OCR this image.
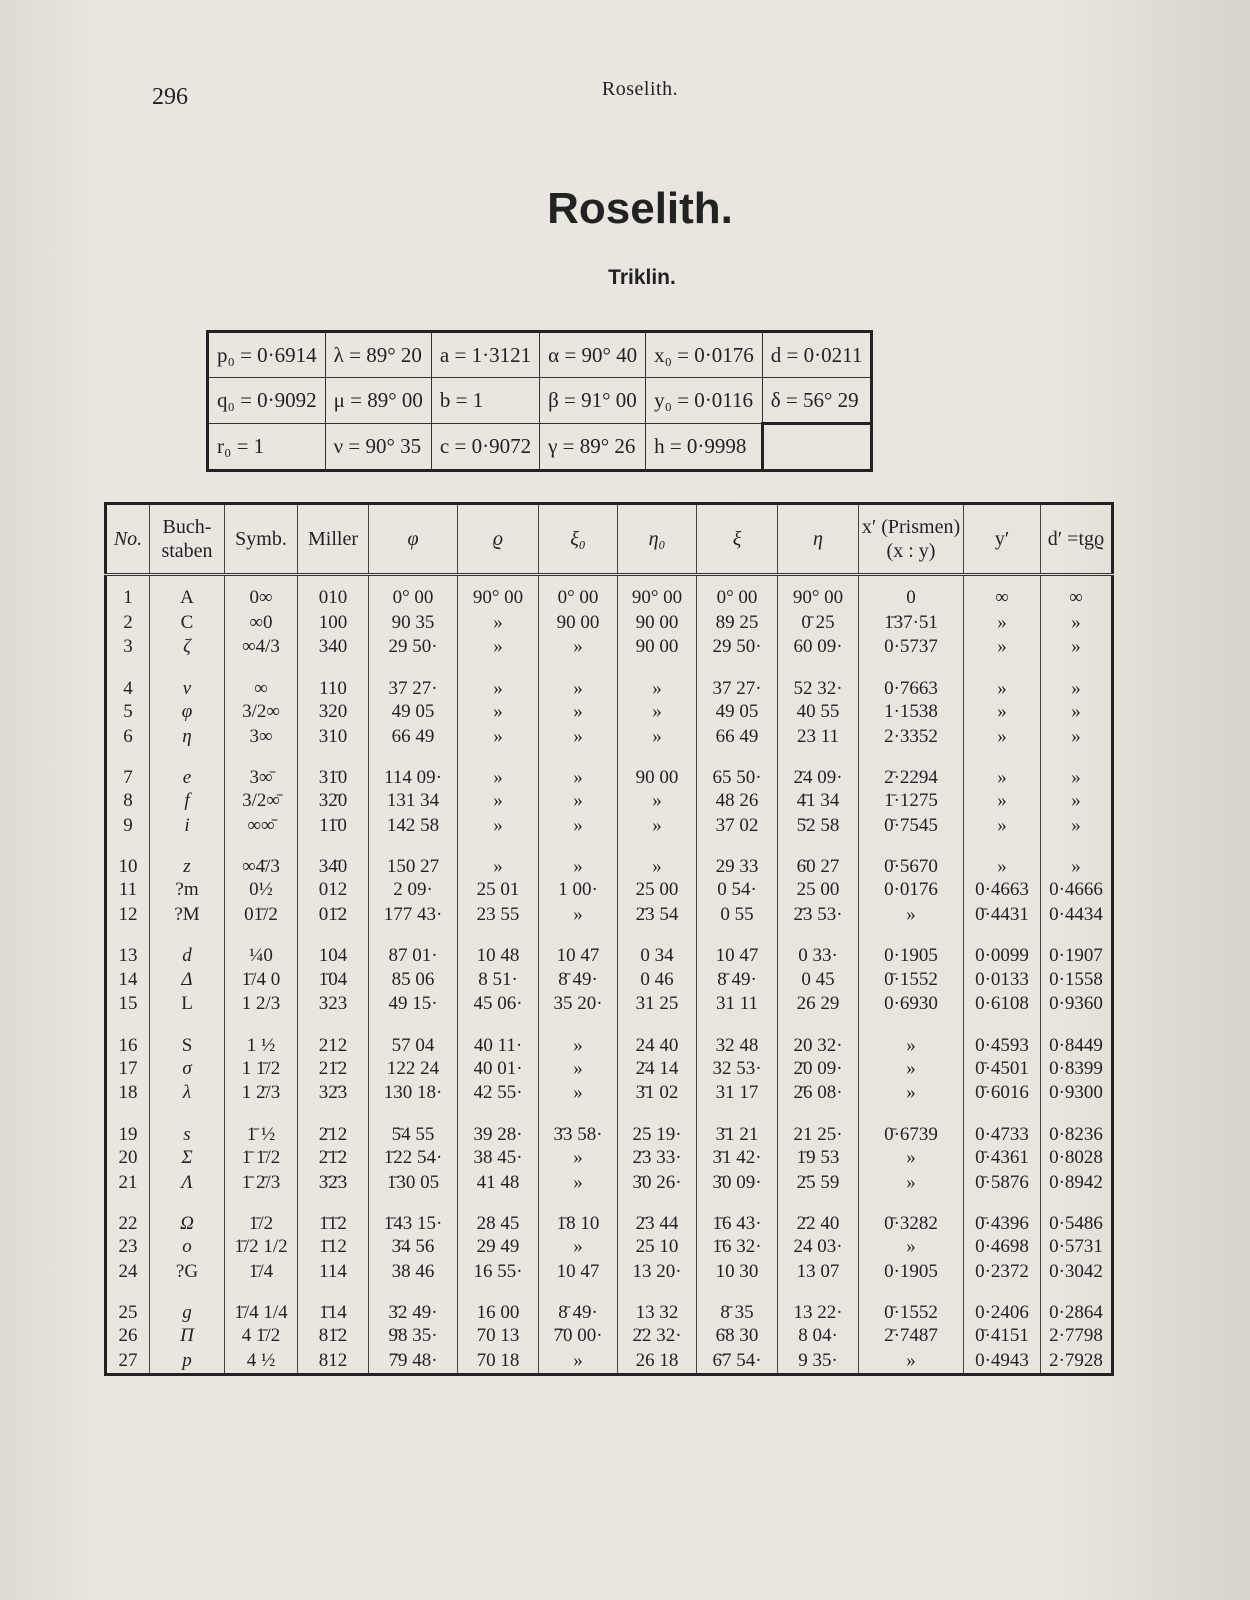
296	Roselith.
Roselith.
Triklin.
p₀ = 0·6914	λ = 89° 20	a = 1·3121	α = 90° 40	x₀ = 0·0176	d = 0·0211
q₀ = 0·9092	μ = 89° 00	b = 1	β = 91° 00	y₀ = 0·0116	δ = 56° 29
r₀ = 1	ν = 90° 35	c = 0·9072	γ = 89° 26	h = 0·9998	
No.	Buch-staben	Symb.	Miller	φ	ϱ	ξ₀	η₀	ξ	η	x′ (Prismen) (x : y)	y′	d′ =tgϱ
1	A	0∞	010	0° 00	90° 00	0° 00	90° 00	0° 00	90° 00	0	∞	∞
2	C	∞0	100	90 35	»	90 00	90 00	89 25	0̄ 25	1̄37·51	»	»
3	ζ	∞4/3	340	29 50·	»	»	90 00	29 50·	60 09·	0·5737	»	»
4	v	∞	110	37 27·	»	»	»	37 27·	52 32·	0·7663	»	»
5	φ	3/2∞	320	49 05	»	»	»	49 05	40 55	1·1538	»	»
6	η	3∞	310	66 49	»	»	»	66 49	23 11	2·3352	»	»
7	e	3∞̄	31̄0	114 09·	»	»	90 00	65 50·	2̄4 09·	2̄·2294	»	»
8	f	3/2∞̄	32̄0	131 34	»	»	»	48 26	4̄1 34	1̄·1275	»	»
9	i	∞∞̄	11̄0	142 58	»	»	»	37 02	5̄2 58	0̄·7545	»	»
10	z	∞4̄/3	34̄0	150 27	»	»	»	29 33	6̄0 27	0̄·5670	»	»
11	?m	0½	012	2 09·	25 01	1 00·	25 00	0 54·	25 00	0·0176	0·4663	0·4666
12	?M	01̄/2	01̄2	177 43·	23 55	»	2̄3 54	0 55	2̄3 53·	»	0̄·4431	0·4434
13	d	¼0	104	87 01·	10 48	10 47	0 34	10 47	0 33·	0·1905	0·0099	0·1907
14	Δ	1̄/4 0	1̄04	85 06	8 51·	8̄ 49·	0 46	8̄ 49·	0 45	0̄·1552	0·0133	0·1558
15	L	1 2/3	323	49 15·	45 06·	35 20·	31 25	31 11	26 29	0·6930	0·6108	0·9360
16	S	1 ½	212	57 04	40 11·	»	24 40	32 48	20 32·	»	0·4593	0·8449
17	σ	1 1̄/2	21̄2	122 24	40 01·	»	2̄4 14	32 53·	2̄0 09·	»	0̄·4501	0·8399
18	λ	1 2̄/3	32̄3	130 18·	42 55·	»	3̄1 02	31 17	2̄6 08·	»	0̄·6016	0·9300
19	s	1̄ ½	2̄12	5̄4 55	39 28·	3̄3 58·	25 19·	3̄1 21	21 25·	0̄·6739	0·4733	0·8236
20	Σ	1̄ 1̄/2	2̄1̄2	1̄22 54·	38 45·	»	2̄3 33·	3̄1 42·	1̄9 53	»	0̄·4361	0·8028
21	Λ	1̄ 2̄/3	3̄2̄3	1̄30 05	41 48	»	3̄0 26·	3̄0 09·	2̄5 59	»	0̄·5876	0·8942
22	Ω	1̄/2	1̄1̄2	1̄43 15·	28 45	1̄8 10	2̄3 44	1̄6 43·	2̄2 40	0̄·3282	0̄·4396	0·5486
23	o	1̄/2 1/2	1̄12	3̄4 56	29 49	»	25 10	1̄6 32·	24 03·	»	0·4698	0·5731
24	?G	1̄/4	114	38 46	16 55·	10 47	13 20·	10 30	13 07	0·1905	0·2372	0·3042
25	g	1̄/4 1/4	1̄14	3̄2 49·	16 00	8̄ 49·	13 32	8̄ 35	13 22·	0̄·1552	0·2406	0·2864
26	Π	4 1̄/2	81̄2	9̄8 35·	70 13	7̄0 00·	2̄2 32·	6̄8 30	8 04·	2̄·7487	0̄·4151	2·7798
27	p	4 ½	812	7̄9 48·	70 18	»	26 18	6̄7 54·	9 35·	»	0·4943	2·7928
